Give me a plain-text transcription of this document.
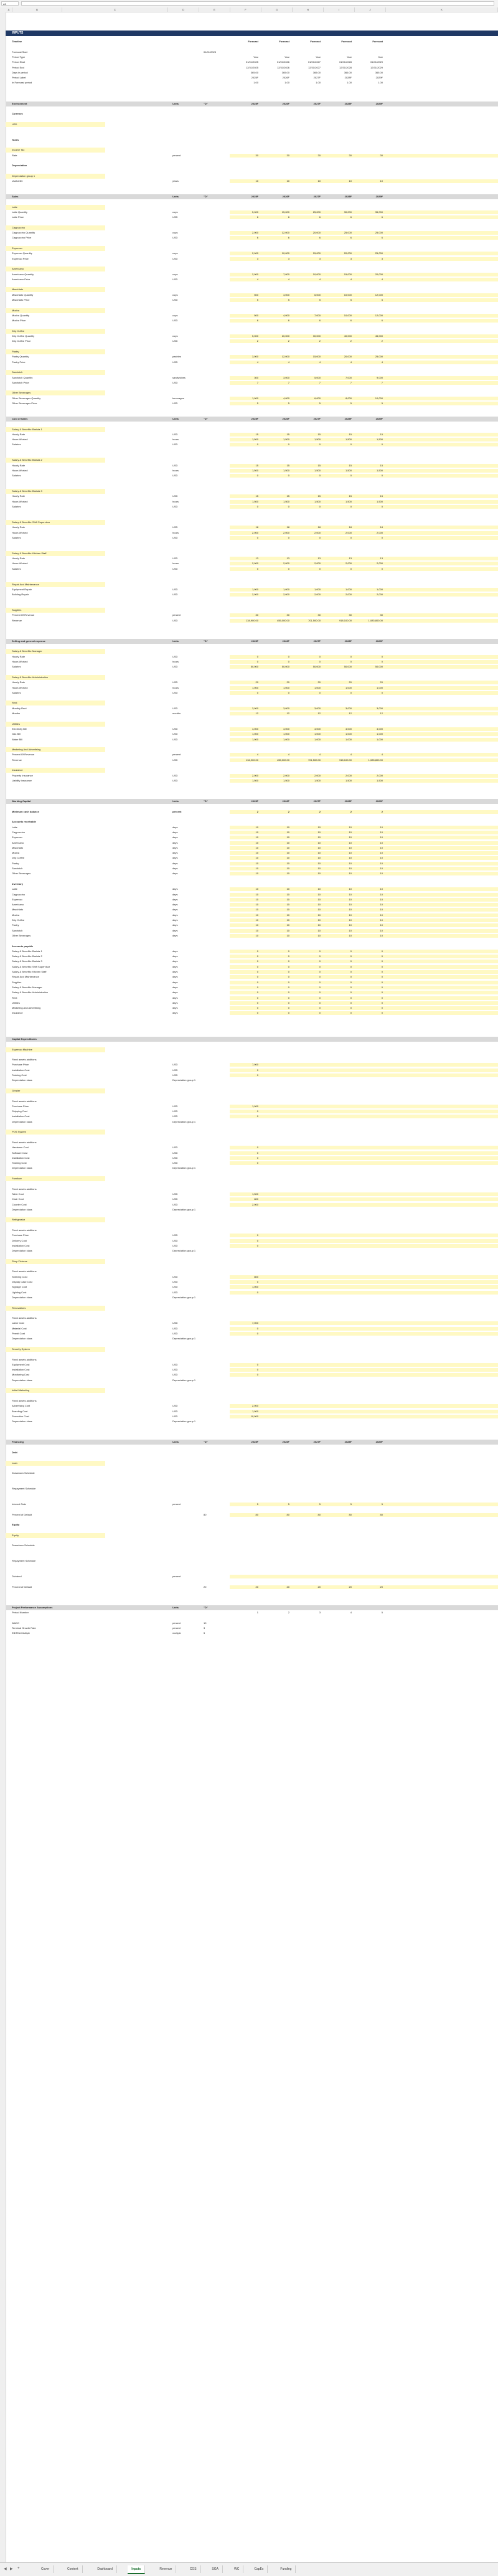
A1
A	B	C	D	E	F	G	H	I	J	K
INPUTS
Timeline	Forecast	Forecast	Forecast	Forecast	Forecast
Forecast Start	01/01/2025
Period Type	Year	Year	Year	Year	Year
Period Start	01/01/2025	01/01/2026	01/01/2027	01/01/2028	01/01/2029
Period End	12/31/2025	12/31/2026	12/31/2027	12/31/2028	12/31/2029
Days in period	365.00	365.00	365.00	366.00	365.00
Period Label	2025F	2026F	2027F	2028F	2029F
In Forecast period	1.00	1.00	1.00	1.00	1.00
Environment	Units	"D"	2025F	2026F	2027F	2028F	2029F
Currency
USD
Taxes
Income Tax
Rate	percent	30	30	30	30	30
Depreciation
Depreciation group 1
Useful life	years	10	10	10	10	10
Sales	Units	"D"	2025F	2026F	2027F	2028F	2029F
Latte
Latte Quantity	cups	5,000	15,000	25,000	30,000	35,000
Latte Price	USD	6	6	6	6	6
Cappuccino
Cappuccino Quantity	cups	2,000	12,000	20,000	25,000	25,000
Cappuccino Price	USD	6	6	6	6	6
Espresso
Espresso Quantity	cups	2,000	10,000	15,000	20,000	25,000
Espresso Price	USD	3	3	3	3	3
Americano
Americano Quantity	cups	2,000	7,000	10,000	15,000	20,000
Americano Price	USD	4	4	4	4	4
Macchiato
Macchiato Quantity	cups	500	4,000	6,000	10,000	12,000
Macchiato Price	USD	5	5	5	5	5
Mocha
Mocha Quantity	cups	500	4,000	7,000	10,000	12,000
Mocha Price	USD	6	6	6	6	6
Drip Coffee
Drip Coffee Quantity	cups	5,000	20,000	30,000	40,000	45,000
Drip Coffee Price	USD	2	2	2	2	2
Pastry
Pastry Quantity	pastries	3,000	12,000	15,000	20,000	25,000
Pastry Price	USD	4	4	4	4	4
Sandwich
Sandwich Quantity	sandwiches	300	3,000	5,000	7,000	9,000
Sandwich Price	USD	7	7	7	7	7
Other Beverages
Other Beverages Quantity	beverages	1,000	4,000	6,000	8,000	10,000
Other Beverages Price	USD	5	5	5	5	5
Cost of Sales	Units	"D"	2025F	2026F	2027F	2028F	2029F
Salary & Benefits: Barista 1
Hourly Rate	USD	15	15	15	15	15
Hours Worked	hours	1,500	1,500	1,500	1,500	1,500
Salaries	USD	0	0	0	0	0
Salary & Benefits: Barista 2
Hourly Rate	USD	15	15	15	15	15
Hours Worked	hours	1,500	1,500	1,500	1,500	1,500
Salaries	USD	0	0	0	0	0
Salary & Benefits: Barista 3
Hourly Rate	USD	15	15	15	15	15
Hours Worked	hours	1,500	1,500	1,500	1,500	1,500
Salaries	USD	0	0	0	0	0
Salary & Benefits: Shift Supervisor
Hourly Rate	USD	18	18	18	18	18
Hours Worked	hours	2,000	2,000	2,000	2,000	2,000
Salaries	USD	0	0	0	0	0
Salary & Benefits: Kitchen Staff
Hourly Rate	USD	13	13	13	13	13
Hours Worked	hours	2,000	2,000	2,000	2,000	2,000
Salaries	USD	0	0	0	0	0
Repair And Maintenance
Equipment Repair	USD	1,000	1,000	1,000	1,000	1,000
Building Repair	USD	2,000	2,000	2,000	2,000	2,000
Supplies
Percent Of Revenue	percent	30	30	30	30	30
Revenue	USD	134,900.00	455,000.00	701,500.00	918,100.00	1,083,800.00
Selling and general expense	Units	"D"	2025F	2026F	2027F	2028F	2029F
Salary & Benefits: Manager
Hourly Rate	USD	0	0	0	0	0
Hours Worked	hours	0	0	0	0	0
Salaries	USD	50,000	50,000	50,000	50,000	50,000
Salary & Benefits: Administration
Hourly Rate	USD	20	20	20	20	20
Hours Worked	hours	1,000	1,000	1,000	1,000	1,000
Salaries	USD	0	0	0	0	0
Rent
Monthly Rent	USD	3,000	3,000	3,000	3,000	3,000
Months	months	12	12	12	12	12
Utilities
Electricity Bill	USD	4,000	4,000	4,000	4,000	4,000
Gas Bill	USD	1,000	1,000	1,000	1,000	1,000
Water Bill	USD	1,000	1,000	1,000	1,000	1,000
Marketing And Advertising
Percent Of Revenue	percent	4	4	4	4	4
Revenue	USD	134,900.00	455,000.00	701,500.00	918,100.00	1,083,800.00
Insurance
Property Insurance	USD	2,000	2,000	2,000	2,000	2,000
Liability Insurance	USD	1,500	1,500	1,500	1,500	1,500
Working Capital	Units	"D"	2025F	2026F	2027F	2028F	2029F
Minimum cash balance	percent	2	2	2	2	2
Accounts receivable
Latte	days	10	10	10	10	10
Cappuccino	days	10	10	10	10	10
Espresso	days	10	10	10	10	10
Americano	days	10	10	10	10	10
Macchiato	days	10	10	10	10	10
Mocha	days	10	10	10	10	10
Drip Coffee	days	10	10	10	10	10
Pastry	days	10	10	10	10	10
Sandwich	days	10	10	10	10	10
Other Beverages	days	10	10	10	10	10
Inventory
Latte	days	10	10	10	10	10
Cappuccino	days	10	10	10	10	10
Espresso	days	10	10	10	10	10
Americano	days	10	10	10	10	10
Macchiato	days	10	10	10	10	10
Mocha	days	10	10	10	10	10
Drip Coffee	days	10	10	10	10	10
Pastry	days	10	10	10	10	10
Sandwich	days	10	10	10	10	10
Other Beverages	days	10	10	10	10	10
Accounts payable
Salary & Benefits: Barista 1	days	0	0	0	0	0
Salary & Benefits: Barista 2	days	0	0	0	0	0
Salary & Benefits: Barista 3	days	0	0	0	0	0
Salary & Benefits: Shift Supervisor	days	0	0	0	0	0
Salary & Benefits: Kitchen Staff	days	0	0	0	0	0
Repair And Maintenance	days	0	0	0	0	0
Supplies	days	0	0	0	0	0
Salary & Benefits: Manager	days	0	0	0	0	0
Salary & Benefits: Administration	days	0	0	0	0	0
Rent	days	0	0	0	0	0
Utilities	days	0	0	0	0	0
Marketing And Advertising	days	0	0	0	0	0
Insurance	days	0	0	0	0	0
Capital Expenditures
Espresso Machine
Fixed assets additions
Purchase Price	USD	7,000
Installation Cost	USD	0
Training Cost	USD	0
Depreciation class	Depreciation group 1
Grinder
Fixed assets additions
Purchase Price	USD	1,000
Shipping Cost	USD	0
Installation Cost	USD	0
Depreciation class	Depreciation group 1
POS System
Fixed assets additions
Hardware Cost	USD	0
Software Cost	USD	0
Installation Cost	USD	0
Training Cost	USD	0
Depreciation class	Depreciation group 1
Furniture
Fixed assets additions
Table Cost	USD	1,500
Chair Cost	USD	800
Counter Cost	USD	2,000
Depreciation class	Depreciation group 1
Refrigerator
Fixed assets additions
Purchase Price	USD	0
Delivery Cost	USD	0
Installation Cost	USD	0
Depreciation class	Depreciation group 1
Shop Fixtures
Fixed assets additions
Shelving Cost	USD	800
Display Case Cost	USD	0
Signage Cost	USD	1,000
Lighting Cost	USD	0
Depreciation class	Depreciation group 1
Renovations
Fixed assets additions
Labor Cost	USD	7,000
Material Cost	USD	0
Permit Cost	USD	0
Depreciation class	Depreciation group 1
Security System
Fixed assets additions
Equipment Cost	USD	0
Installation Cost	USD	0
Monitoring Cost	USD	0
Depreciation class	Depreciation group 1
Initial Marketing
Fixed assets additions
Advertising Cost	USD	2,000
Branding Cost	USD	1,000
Promotion Cost	USD	10,000
Depreciation class	Depreciation group 1
Financing	Units	"D"	2025F	2026F	2027F	2028F	2029F
Debt
Loan
Drawdown Schedule
Repayment Schedule
Interest Rate	percent	5	5	5	5	5
Percent of Default	80	80	80	80	80	80
Equity
Equity
Drawdown Schedule
Repayment Schedule
Dividend	percent
Percent of Default	20	20	20	20	20	20
Project Performance Assumptions	Units	"D"
Period Number	1	2	3	4	5
WACC	percent	10
Terminal Growth Rate	percent	3
EBITDA Multiple	multiple	5
◀ ▶ +	Cover	Content	Dashboard	Inputs	Revenue	COS	SGA	WC	CapEx	Funding
